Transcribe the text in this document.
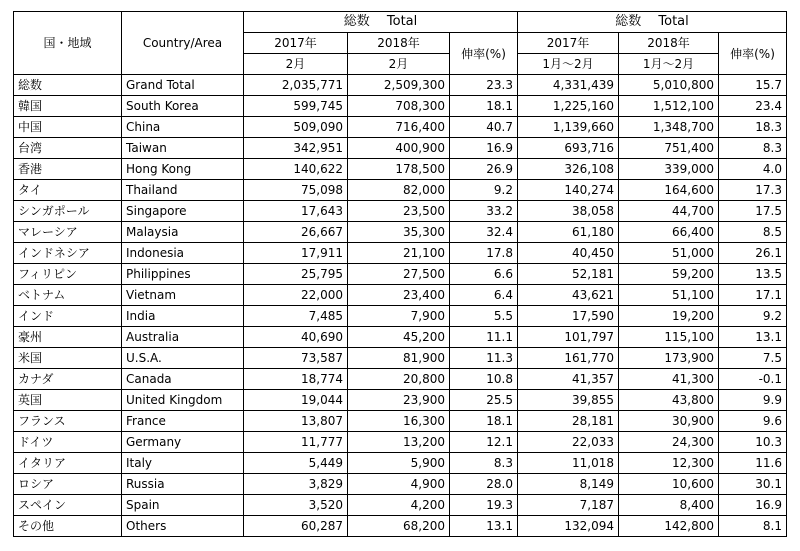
国・地域	Country/Area	総数　 Total			総数　 Total		
		2017年	2018年	伸率(%)	2017年	2018年	伸率(%)
		2月	2月		1月～2月	1月～2月	
総数	Grand Total	2,035,771	2,509,300	23.3	4,331,439	5,010,800	15.7
韓国	South Korea	599,745	708,300	18.1	1,225,160	1,512,100	23.4
中国	China	509,090	716,400	40.7	1,139,660	1,348,700	18.3
台湾	Taiwan	342,951	400,900	16.9	693,716	751,400	8.3
香港	Hong Kong	140,622	178,500	26.9	326,108	339,000	4.0
タイ	Thailand	75,098	82,000	9.2	140,274	164,600	17.3
シンガポール	Singapore	17,643	23,500	33.2	38,058	44,700	17.5
マレーシア	Malaysia	26,667	35,300	32.4	61,180	66,400	8.5
インドネシア	Indonesia	17,911	21,100	17.8	40,450	51,000	26.1
フィリピン	Philippines	25,795	27,500	6.6	52,181	59,200	13.5
ベトナム	Vietnam	22,000	23,400	6.4	43,621	51,100	17.1
インド	India	7,485	7,900	5.5	17,590	19,200	9.2
豪州	Australia	40,690	45,200	11.1	101,797	115,100	13.1
米国	U.S.A.	73,587	81,900	11.3	161,770	173,900	7.5
カナダ	Canada	18,774	20,800	10.8	41,357	41,300	-0.1
英国	United Kingdom	19,044	23,900	25.5	39,855	43,800	9.9
フランス	France	13,807	16,300	18.1	28,181	30,900	9.6
ドイツ	Germany	11,777	13,200	12.1	22,033	24,300	10.3
イタリア	Italy	5,449	5,900	8.3	11,018	12,300	11.6
ロシア	Russia	3,829	4,900	28.0	8,149	10,600	30.1
スペイン	Spain	3,520	4,200	19.3	7,187	8,400	16.9
その他	Others	60,287	68,200	13.1	132,094	142,800	8.1
